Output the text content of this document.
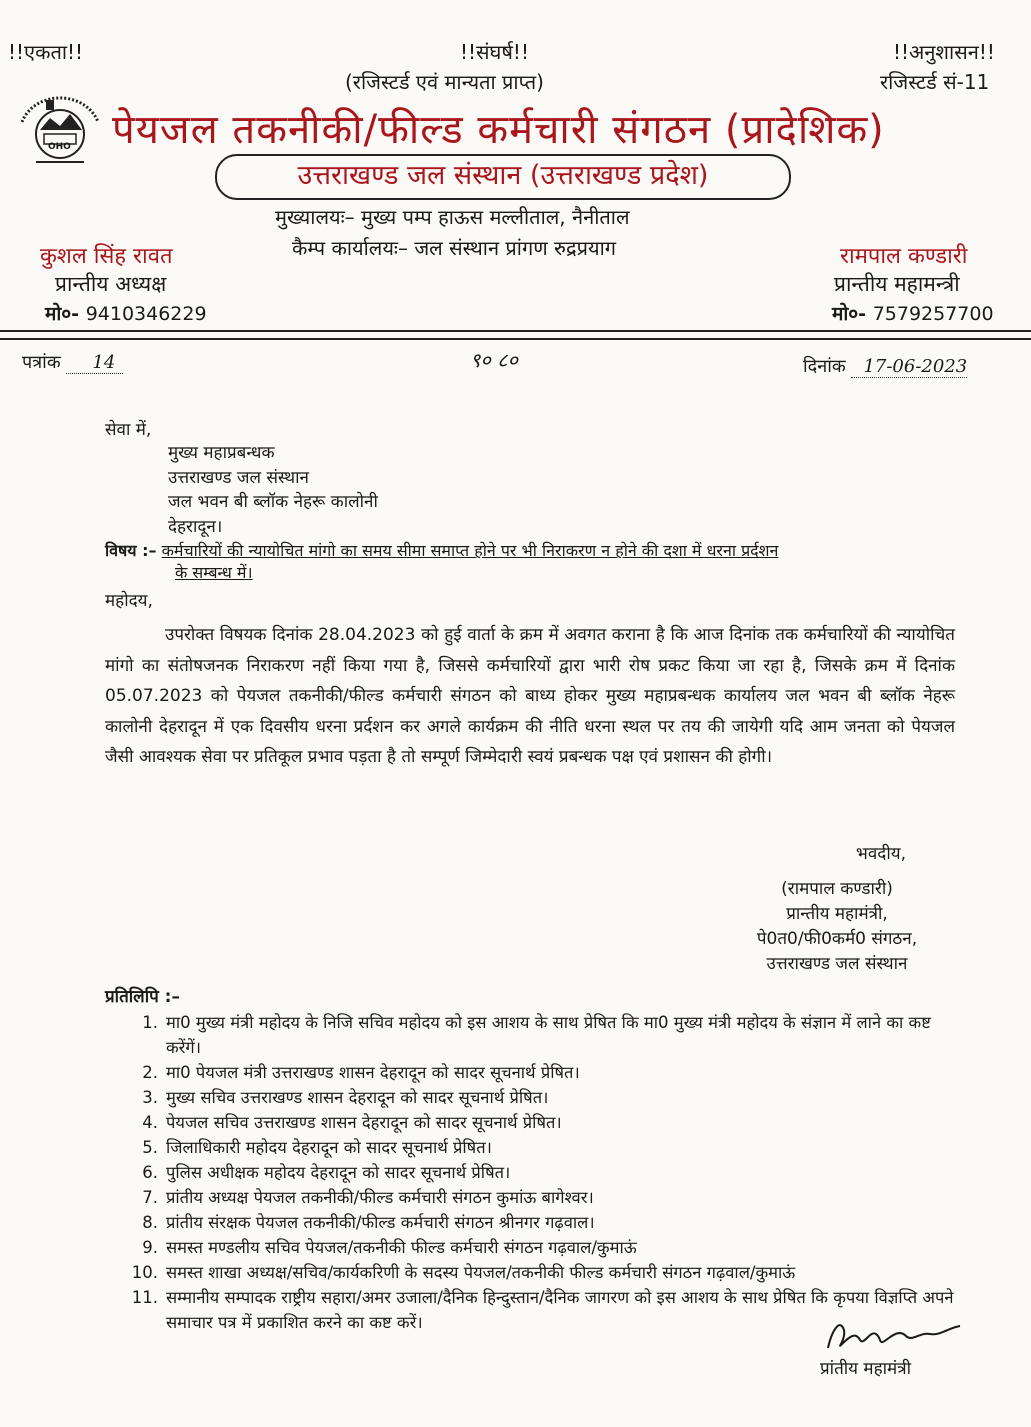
!!एकता!!	!!संघर्ष!!	!!अनुशासन!!
(रजिस्टर्ड एवं मान्यता प्राप्त)	रजिस्टर्ड सं-11
OHO पेयजल तकनीकी/फील्ड कर्मचारी संगठन (प्रादेशिक)
उत्तराखण्ड जल संस्थान (उत्तराखण्ड प्रदेश)
मुख्यालयः– मुख्य पम्प हाऊस मल्लीताल, नैनीताल
कैम्प कार्यालयः– जल संस्थान प्रांगण रुद्रप्रयाग
कुशल सिंह रावत
प्रान्तीय अध्यक्ष
मो०- 9410346229
रामपाल कण्डारी
प्रान्तीय महामन्त्री
मो०- 7579257700
पत्रांक 14	९० ८०	दिनांक 17-06-2023
सेवा में,
मुख्य महाप्रबन्धक
उत्तराखण्ड जल संस्थान
जल भवन बी ब्लॉक नेहरू कालोनी
देहरादून।
विषय :– कर्मचारियों की न्यायोचित मांगो का समय सीमा समाप्त होने पर भी निराकरण न होने की दशा में धरना प्रर्दशन
के सम्बन्ध में।
महोदय,
उपरोक्त विषयक दिनांक 28.04.2023 को हुई वार्ता के क्रम में अवगत कराना है कि आज दिनांक तक कर्मचारियों की न्यायोचित मांगो का संतोषजनक निराकरण नहीं किया गया है, जिससे कर्मचारियों द्वारा भारी रोष प्रकट किया जा रहा है, जिसके क्रम में दिनांक 05.07.2023 को पेयजल तकनीकी/फील्ड कर्मचारी संगठन को बाध्य होकर मुख्य महाप्रबन्धक कार्यालय जल भवन बी ब्लॉक नेहरू कालोनी देहरादून में एक दिवसीय धरना प्रर्दशन कर अगले कार्यक्रम की नीति धरना स्थल पर तय की जायेगी यदि आम जनता को पेयजल जैसी आवश्यक सेवा पर प्रतिकूल प्रभाव पड़ता है तो सम्पूर्ण जिम्मेदारी स्वयं प्रबन्धक पक्ष एवं प्रशासन की होगी।
भवदीय,
(रामपाल कण्डारी)
प्रान्तीय महामंत्री,
पे0त0/फी0कर्म0 संगठन,
उत्तराखण्ड जल संस्थान
प्रतिलिपि :–
1. मा0 मुख्य मंत्री महोदय के निजि सचिव महोदय को इस आशय के साथ प्रेषित कि मा0 मुख्य मंत्री महोदय के संज्ञान में लाने का कष्ट करेंगें।
2. मा0 पेयजल मंत्री उत्तराखण्ड शासन देहरादून को सादर सूचनार्थ प्रेषित।
3. मुख्य सचिव उत्तराखण्ड शासन देहरादून को सादर सूचनार्थ प्रेषित।
4. पेयजल सचिव उत्तराखण्ड शासन देहरादून को सादर सूचनार्थ प्रेषित।
5. जिलाधिकारी महोदय देहरादून को सादर सूचनार्थ प्रेषित।
6. पुलिस अधीक्षक महोदय देहरादून को सादर सूचनार्थ प्रेषित।
7. प्रांतीय अध्यक्ष पेयजल तकनीकी/फील्ड कर्मचारी संगठन कुमांऊ बागेश्वर।
8. प्रांतीय संरक्षक पेयजल तकनीकी/फील्ड कर्मचारी संगठन श्रीनगर गढ़वाल।
9. समस्त मण्डलीय सचिव पेयजल/तकनीकी फील्ड कर्मचारी संगठन गढ़वाल/कुमाऊं
10. समस्त शाखा अध्यक्ष/सचिव/कार्यकरिणी के सदस्य पेयजल/तकनीकी फील्ड कर्मचारी संगठन गढ़वाल/कुमाऊं
11. सम्मानीय सम्पादक राष्ट्रीय सहारा/अमर उजाला/दैनिक हिन्दुस्तान/दैनिक जागरण को इस आशय के साथ प्रेषित कि कृपया विज्ञप्ति अपने समाचार पत्र में प्रकाशित करने का कष्ट करें।
प्रांतीय महामंत्री
